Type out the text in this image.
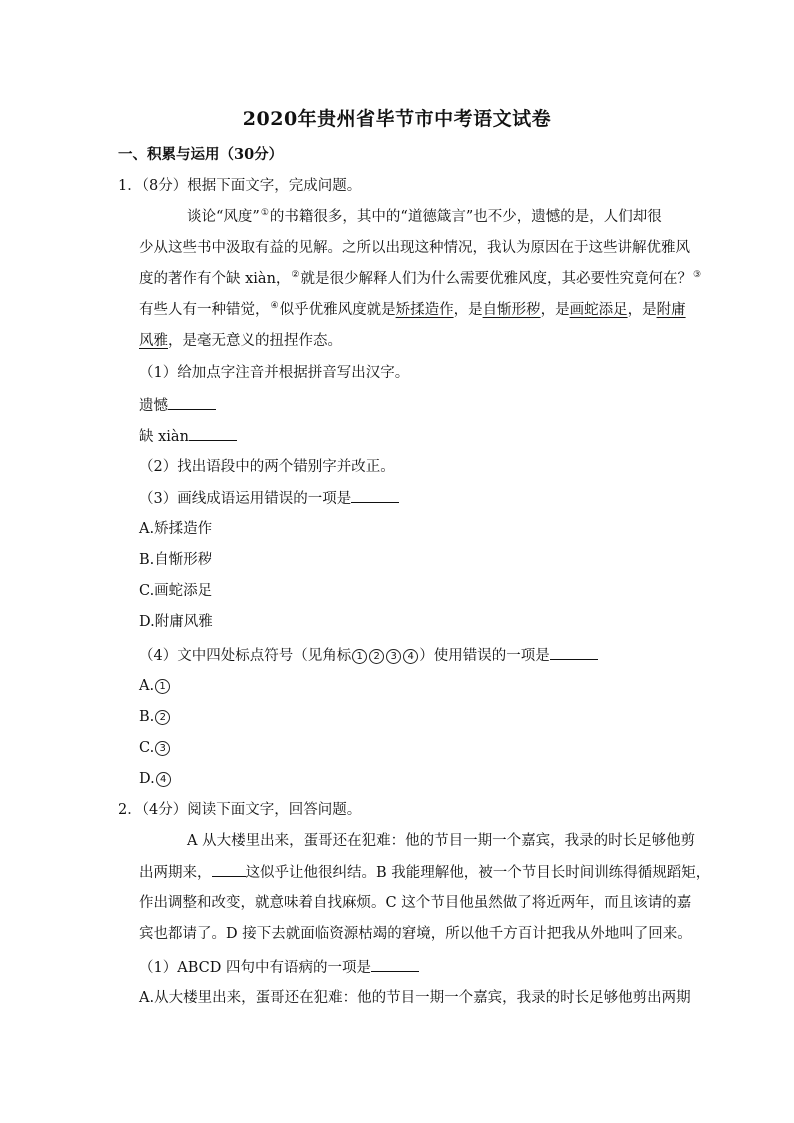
2020年贵州省毕节市中考语文试卷
一、积累与运用（30分）
1．（8分）根据下面文字，完成问题。
谈论“风度”①的书籍很多，其中的“道德箴言”也不少，遗憾的是，人们却很
少从这些书中汲取有益的见解。之所以出现这种情况，我认为原因在于这些讲解优雅风
度的著作有个缺 xiàn，②就是很少解释人们为什么需要优雅风度，其必要性究竟何在？③
有些人有一种错觉，④似乎优雅风度就是矫揉造作，是自惭形秽，是画蛇添足，是附庸
风雅，是毫无意义的扭捏作态。
（1）给加点字注音并根据拼音写出汉字。
遗憾
缺 xiàn
（2）找出语段中的两个错别字并改正。
（3）画线成语运用错误的一项是
A.矫揉造作
B.自惭形秽
C.画蛇添足
D.附庸风雅
（4）文中四处标点符号（见角标 1 2 3 4 ）使用错误的一项是
A. 1
B. 2
C. 3
D. 4
2．（4分）阅读下面文字，回答问题。
A 从大楼里出来，蛋哥还在犯难：他的节目一期一个嘉宾，我录的时长足够他剪
出两期来， 这似乎让他很纠结。B 我能理解他，被一个节目长时间训练得循规蹈矩，
作出调整和改变，就意味着自找麻烦。C 这个节目他虽然做了将近两年，而且该请的嘉
宾也都请了。D 接下去就面临资源枯竭的窘境，所以他千方百计把我从外地叫了回来。
（1）ABCD 四句中有语病的一项是
A.从大楼里出来，蛋哥还在犯难：他的节目一期一个嘉宾，我录的时长足够他剪出两期
